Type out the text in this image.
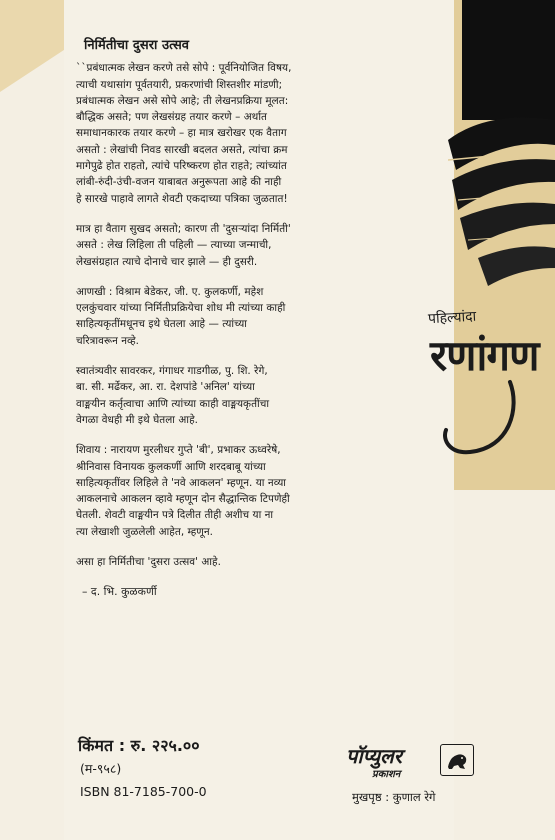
निर्मितीचा दुसरा उत्सव
``प्रबंधात्मक लेखन करणे तसे सोपे : पूर्वनियोजित विषय,
त्याची यथासांग पूर्वतयारी, प्रकरणांची शिस्तशीर मांडणी;
प्रबंधात्मक लेखन असे सोपे आहे; ती लेखनप्रक्रिया मूलत:
बौद्धिक असते; पण लेखसंग्रह तयार करणे – अर्थात
समाधानकारक तयार करणे – हा मात्र खरोखर एक वैताग
असतो : लेखांची निवड सारखी बदलत असते, त्यांचा क्रम
मागेपुढे होत राहतो, त्यांचे परिष्करण होत राहते; त्यांच्यांत
लांबी-रुंदी-उंची-वजन याबाबत अनुरूपता आहे की नाही
हे सारखे पाहावे लागते शेवटी एकदाच्या पत्रिका जुळतात!
मात्र हा वैताग सुखद असतो; कारण ती 'दुसऱ्यांदा निर्मिती'
असते : लेख लिहिला ती पहिली — त्याच्या जन्माची,
लेखसंग्रहात त्याचे दोनाचे चार झाले — ही दुसरी.
आणखी : विश्राम बेडेकर, जी. ए. कुलकर्णी, महेश
एलकुंचवार यांच्या निर्मितीप्रक्रियेचा शोध मी त्यांच्या काही
साहित्यकृतींमधूनच इथे घेतला आहे — त्यांच्या
चरित्रावरून नव्हे.
स्वातंत्र्यवीर सावरकर, गंगाधर गाडगीळ, पु. शि. रेगे,
बा. सी. मर्ढेकर, आ. रा. देशपांडे 'अनिल' यांच्या
वाङ्मयीन कर्तृत्वाचा आणि त्यांच्या काही वाङ्मयकृतींचा
वेगळा वेधही मी इथे घेतला आहे.
शिवाय : नारायण मुरलीधर गुप्ते 'बी', प्रभाकर ऊध्वरेषे,
श्रीनिवास विनायक कुलकर्णी आणि शरदबाबू यांच्या
साहित्यकृतींवर लिहिले ते 'नवे आकलन' म्हणून. या नव्या
आकलनाचे आकलन व्हावे म्हणून दोन सैद्धान्तिक टिपणेही
घेतली. शेवटी वाङ्मयीन पत्रे दिलीत तीही अशीच या ना
त्या लेखाशी जुळलेली आहेत, म्हणून.
असा हा निर्मितीचा 'दुसरा उत्सव' आहे.
– द. भि. कुळकर्णी
पहिल्यांदा
रणांगण
किंमत : रु. २२५.००
(म-९५८)
ISBN 81-7185-700-0
पॉप्युलर
प्रकाशन
मुखपृष्ठ : कुणाल रेगे
